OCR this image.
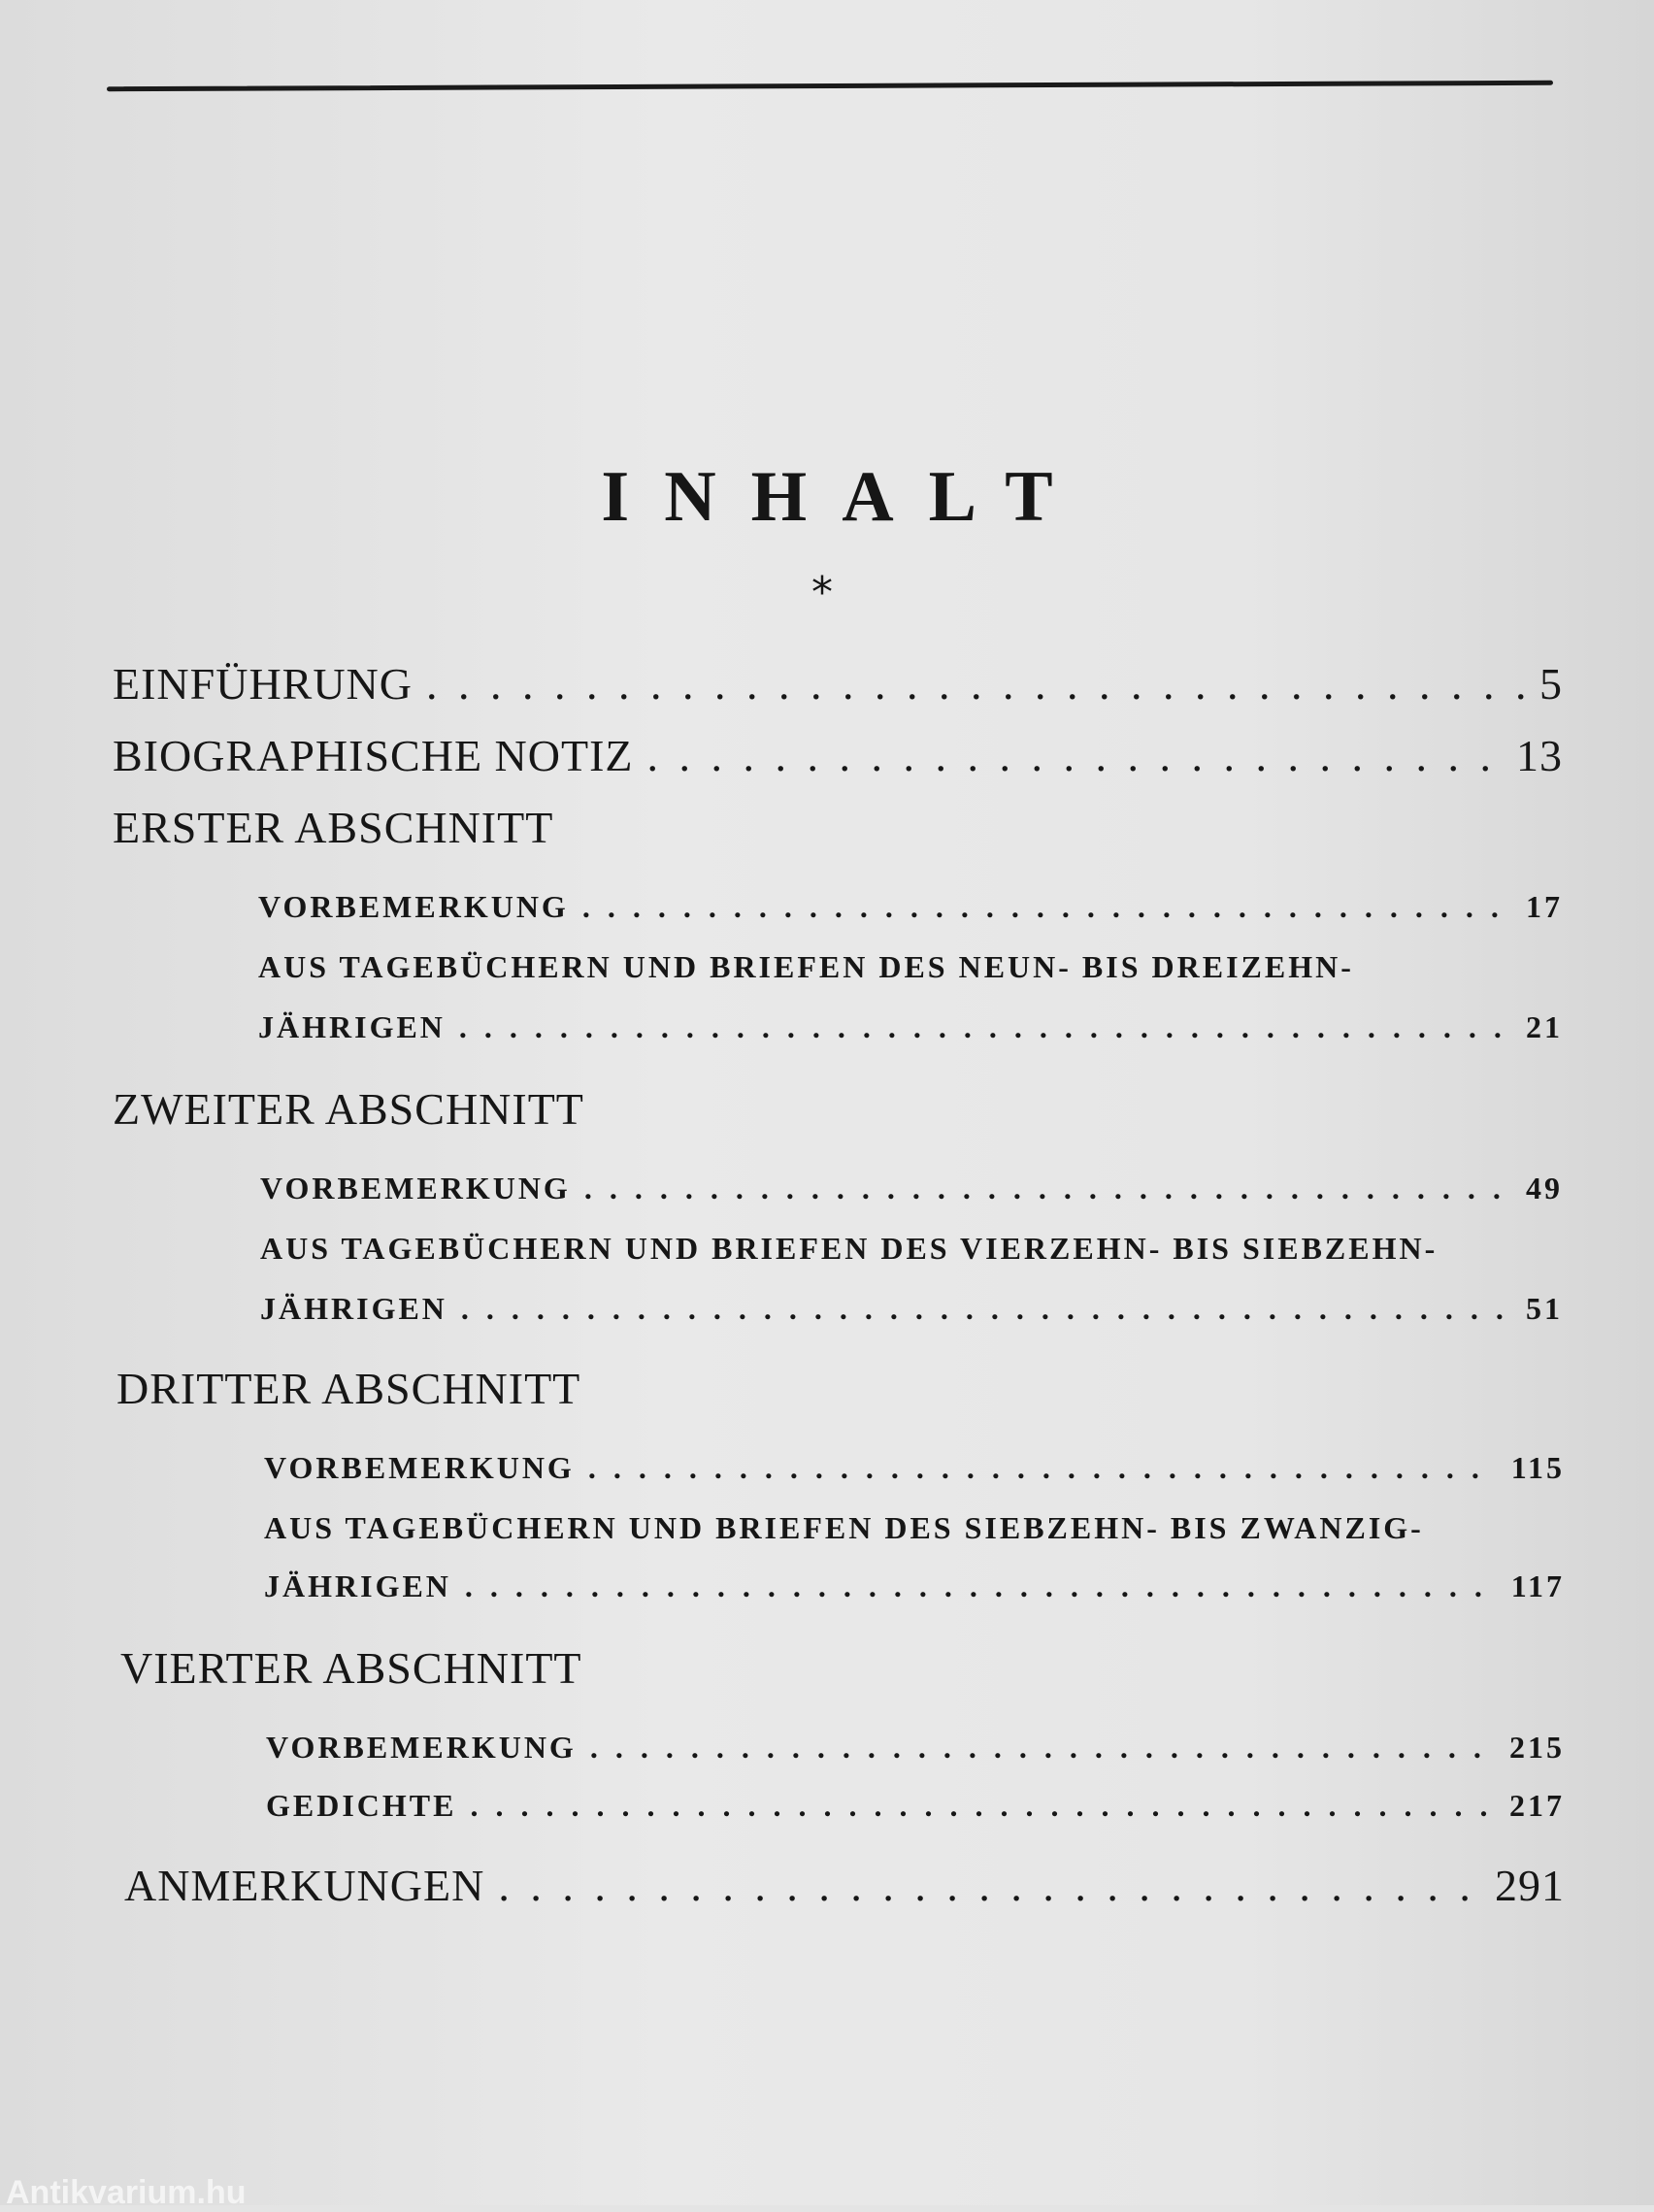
INHALT
*
EINFÜHRUNG . . .	5
BIOGRAPHISCHE NOTIZ . . .	13
ERSTER ABSCHNITT
VORBEMERKUNG . . .	17
AUS TAGEBÜCHERN UND BRIEFEN DES NEUN- BIS DREIZEHN-
JÄHRIGEN . . .	21
ZWEITER ABSCHNITT
VORBEMERKUNG . . .	49
AUS TAGEBÜCHERN UND BRIEFEN DES VIERZEHN- BIS SIEBZEHN-
JÄHRIGEN . . .	51
DRITTER ABSCHNITT
VORBEMERKUNG . . .	115
AUS TAGEBÜCHERN UND BRIEFEN DES SIEBZEHN- BIS ZWANZIG-
JÄHRIGEN . . .	117
VIERTER ABSCHNITT
VORBEMERKUNG . . .	215
GEDICHTE . . .	217
ANMERKUNGEN . . .	291
Antikvarium.hu
